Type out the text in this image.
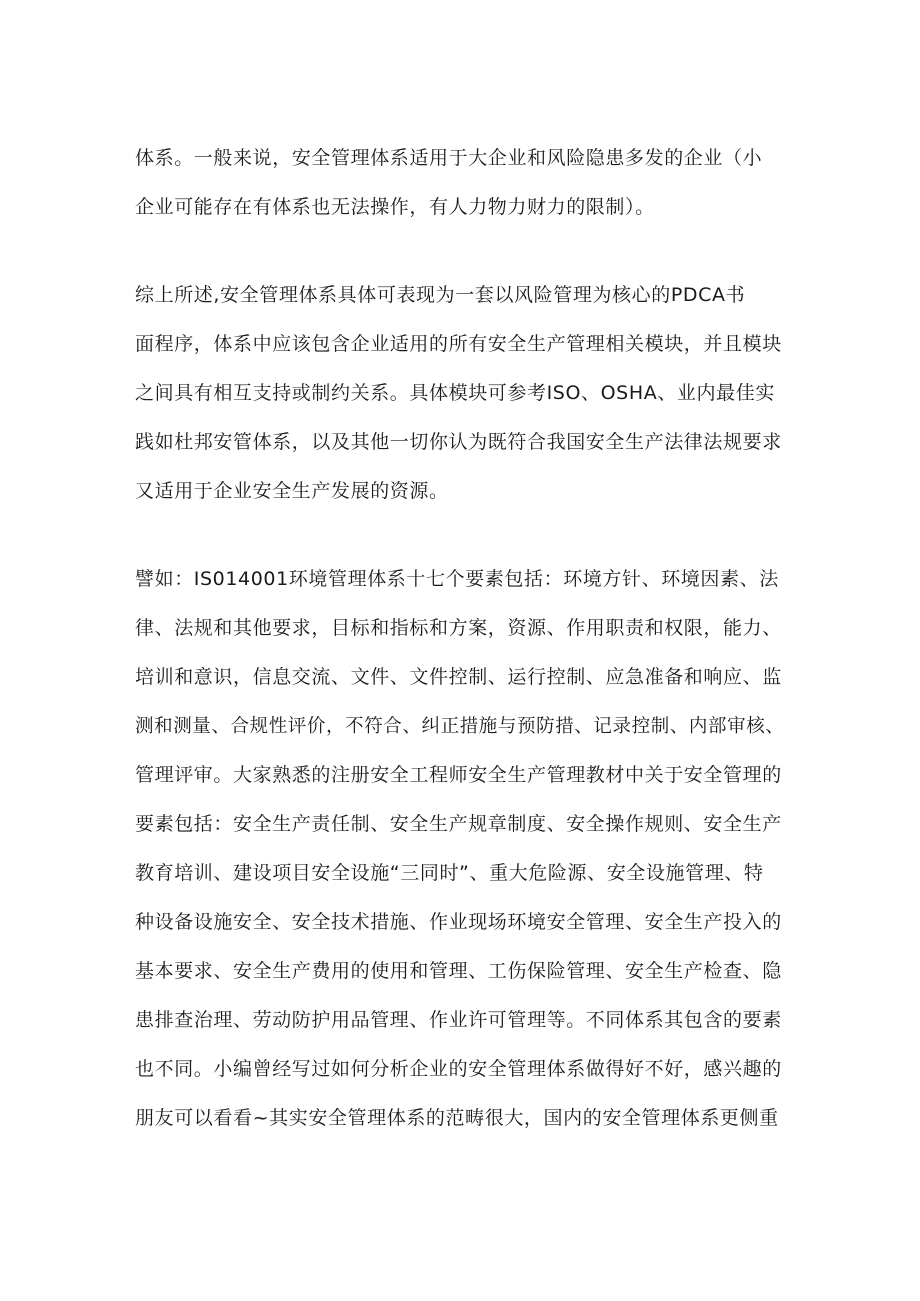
体系。一般来说，安全管理体系适用于大企业和风险隐患多发的企业（小
企业可能存在有体系也无法操作，有人力物力财力的限制）。
综上所述,安全管理体系具体可表现为一套以风险管理为核心的PDCA书
面程序，体系中应该包含企业适用的所有安全生产管理相关模块，并且模块
之间具有相互支持或制约关系。具体模块可参考ISO、OSHA、业内最佳实
践如杜邦安管体系，以及其他一切你认为既符合我国安全生产法律法规要求
又适用于企业安全生产发展的资源。
譬如：IS014001环境管理体系十七个要素包括：环境方针、环境因素、法
律、法规和其他要求，目标和指标和方案，资源、作用职责和权限，能力、
培训和意识，信息交流、文件、文件控制、运行控制、应急准备和响应、监
测和测量、合规性评价，不符合、纠正措施与预防措、记录控制、内部审核、
管理评审。大家熟悉的注册安全工程师安全生产管理教材中关于安全管理的
要素包括：安全生产责任制、安全生产规章制度、安全操作规则、安全生产
教育培训、建设项目安全设施“三同时”、重大危险源、安全设施管理、特
种设备设施安全、安全技术措施、作业现场环境安全管理、安全生产投入的
基本要求、安全生产费用的使用和管理、工伤保险管理、安全生产检查、隐
患排查治理、劳动防护用品管理、作业许可管理等。不同体系其包含的要素
也不同。小编曾经写过如何分析企业的安全管理体系做得好不好，感兴趣的
朋友可以看看~其实安全管理体系的范畴很大，国内的安全管理体系更侧重
